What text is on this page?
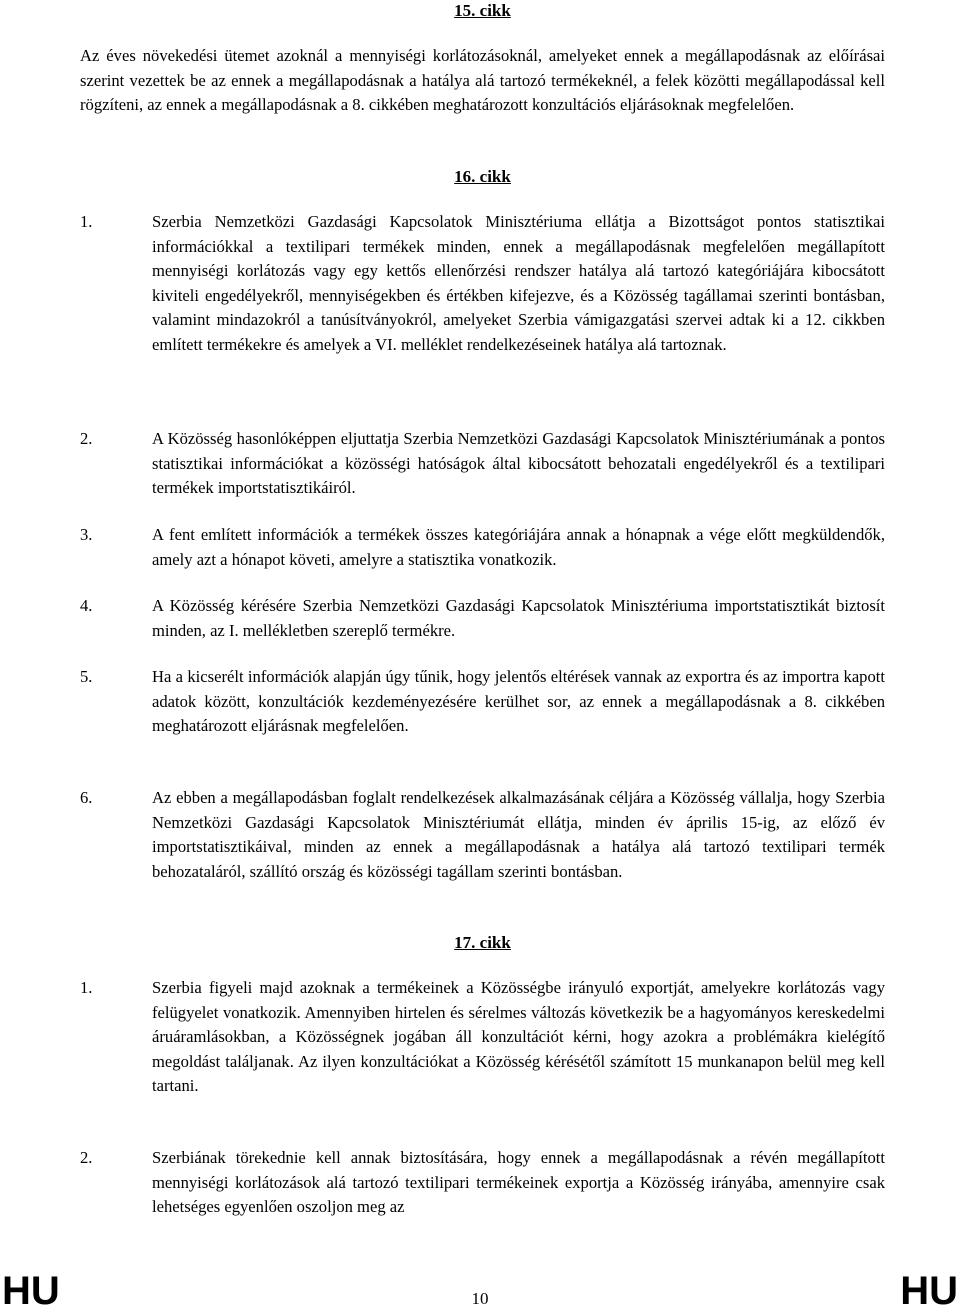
15. cikk

Az éves növekedési ütemet azoknál a mennyiségi korlátozásoknál, amelyeket ennek a megállapodásnak az előírásai szerint vezettek be az ennek a megállapodásnak a hatálya alá tartozó termékeknél, a felek közötti megállapodással kell rögzíteni, az ennek a megállapodásnak a 8. cikkében meghatározott konzultációs eljárásoknak megfelelően.

16. cikk
1.	Szerbia Nemzetközi Gazdasági Kapcsolatok Minisztériuma ellátja a Bizottságot pontos statisztikai információkkal a textilipari termékek minden, ennek a megállapodásnak megfelelően megállapított mennyiségi korlátozás vagy egy kettős ellenőrzési rendszer hatálya alá tartozó kategóriájára kibocsátott kiviteli engedélyekről, mennyiségekben és értékben kifejezve, és a Közösség tagállamai szerinti bontásban, valamint mindazokról a tanúsítványokról, amelyeket Szerbia vámigazgatási szervei adtak ki a 12. cikkben említett termékekre és amelyek a VI. melléklet rendelkezéseinek hatálya alá tartoznak.
2.	A Közösség hasonlóképpen eljuttatja Szerbia Nemzetközi Gazdasági Kapcsolatok Minisztériumának a pontos statisztikai információkat a közösségi hatóságok által kibocsátott behozatali engedélyekről és a textilipari termékek importstatisztikáiról.
3.	A fent említett információk a termékek összes kategóriájára annak a hónapnak a vége előtt megküldendők, amely azt a hónapot követi, amelyre a statisztika vonatkozik.
4.	A Közösség kérésére Szerbia Nemzetközi Gazdasági Kapcsolatok Minisztériuma importstatisztikát biztosít minden, az I. mellékletben szereplő termékre.
5.	Ha a kicserélt információk alapján úgy tűnik, hogy jelentős eltérések vannak az exportra és az importra kapott adatok között, konzultációk kezdeményezésére kerülhet sor, az ennek a megállapodásnak a 8. cikkében meghatározott eljárásnak megfelelően.
6.	Az ebben a megállapodásban foglalt rendelkezések alkalmazásának céljára a Közösség vállalja, hogy Szerbia Nemzetközi Gazdasági Kapcsolatok Minisztériumát ellátja, minden év április 15-ig, az előző év importstatisztikáival, minden az ennek a megállapodásnak a hatálya alá tartozó textilipari termék behozataláról, szállító ország és közösségi tagállam szerinti bontásban.
17. cikk
1.	Szerbia figyeli majd azoknak a termékeinek a Közösségbe irányuló exportját, amelyekre korlátozás vagy felügyelet vonatkozik. Amennyiben hirtelen és sérelmes változás következik be a hagyományos kereskedelmi áruáramlásokban, a Közösségnek jogában áll konzultációt kérni, hogy azokra a problémákra kielégítő megoldást találjanak. Az ilyen konzultációkat a Közösség kérésétől számított 15 munkanapon belül meg kell tartani.
2.	Szerbiának törekednie kell annak biztosítására, hogy ennek a megállapodásnak a révén megállapított mennyiségi korlátozások alá tartozó textilipari termékeinek exportja a Közösség irányába, amennyire csak lehetséges egyenlően oszoljon meg az
HU	10	HU
